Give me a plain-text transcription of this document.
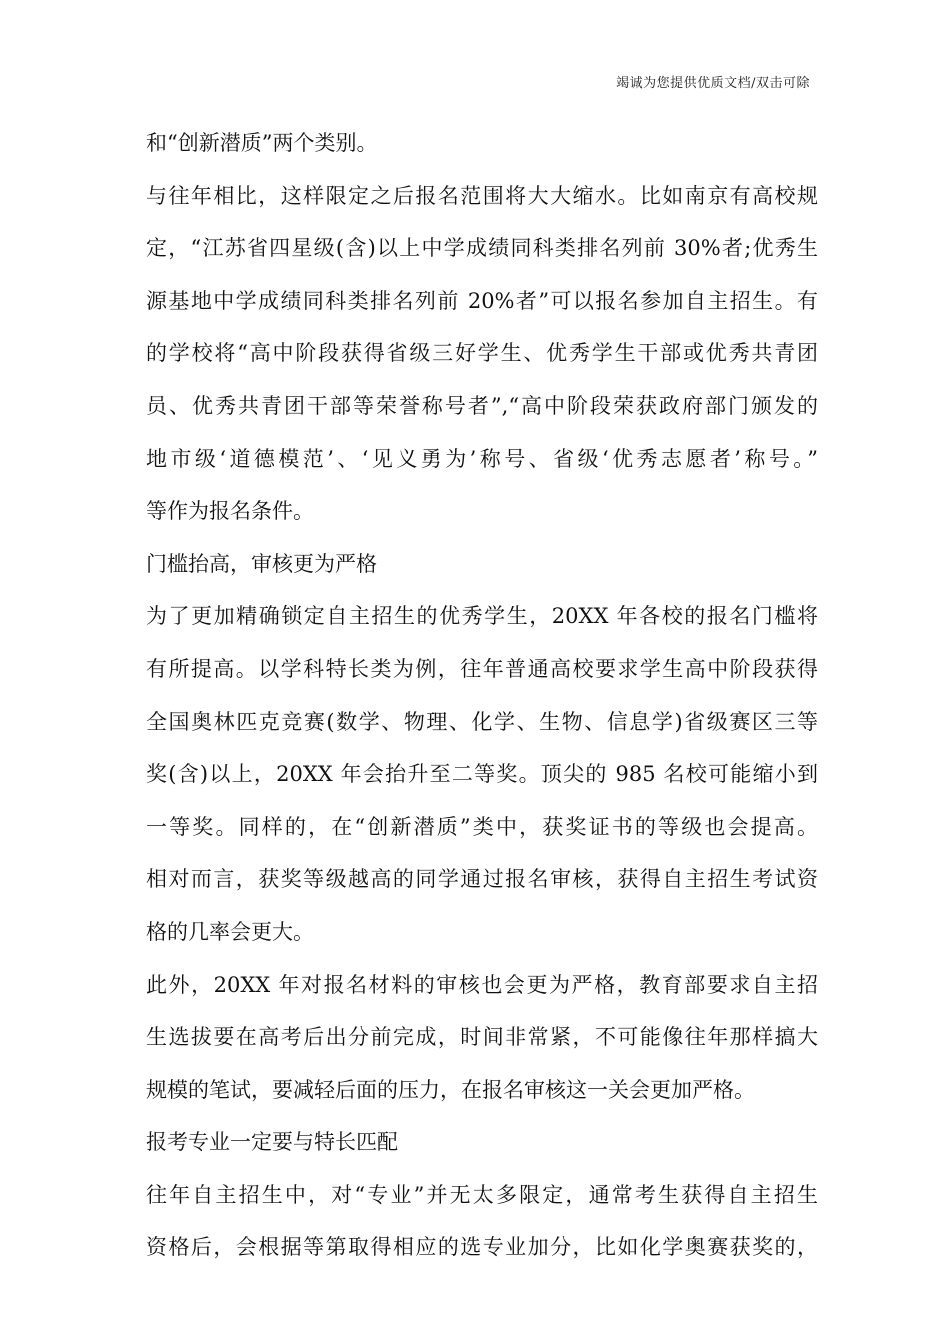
竭诚为您提供优质文档/双击可除
和“创新潜质”两个类别。
与往年相比，这样限定之后报名范围将大大缩水。比如南京有高校规
定，“江苏省四星级(含)以上中学成绩同科类排名列前 30%者;优秀生
源基地中学成绩同科类排名列前 20%者”可以报名参加自主招生。有
的学校将“高中阶段获得省级三好学生、优秀学生干部或优秀共青团
员、优秀共青团干部等荣誉称号者”,“高中阶段荣获政府部门颁发的
地市级‘道德模范’、‘见义勇为’称号、省级‘优秀志愿者’称号。”
等作为报名条件。
门槛抬高，审核更为严格
为了更加精确锁定自主招生的优秀学生，20XX 年各校的报名门槛将
有所提高。以学科特长类为例，往年普通高校要求学生高中阶段获得
全国奥林匹克竞赛(数学、物理、化学、生物、信息学)省级赛区三等
奖(含)以上，20XX 年会抬升至二等奖。顶尖的 985 名校可能缩小到
一等奖。同样的，在“创新潜质”类中，获奖证书的等级也会提高。
相对而言，获奖等级越高的同学通过报名审核，获得自主招生考试资
格的几率会更大。
此外，20XX 年对报名材料的审核也会更为严格，教育部要求自主招
生选拔要在高考后出分前完成，时间非常紧，不可能像往年那样搞大
规模的笔试，要减轻后面的压力，在报名审核这一关会更加严格。
报考专业一定要与特长匹配
往年自主招生中，对“专业”并无太多限定，通常考生获得自主招生
资格后，会根据等第取得相应的选专业加分，比如化学奥赛获奖的，
